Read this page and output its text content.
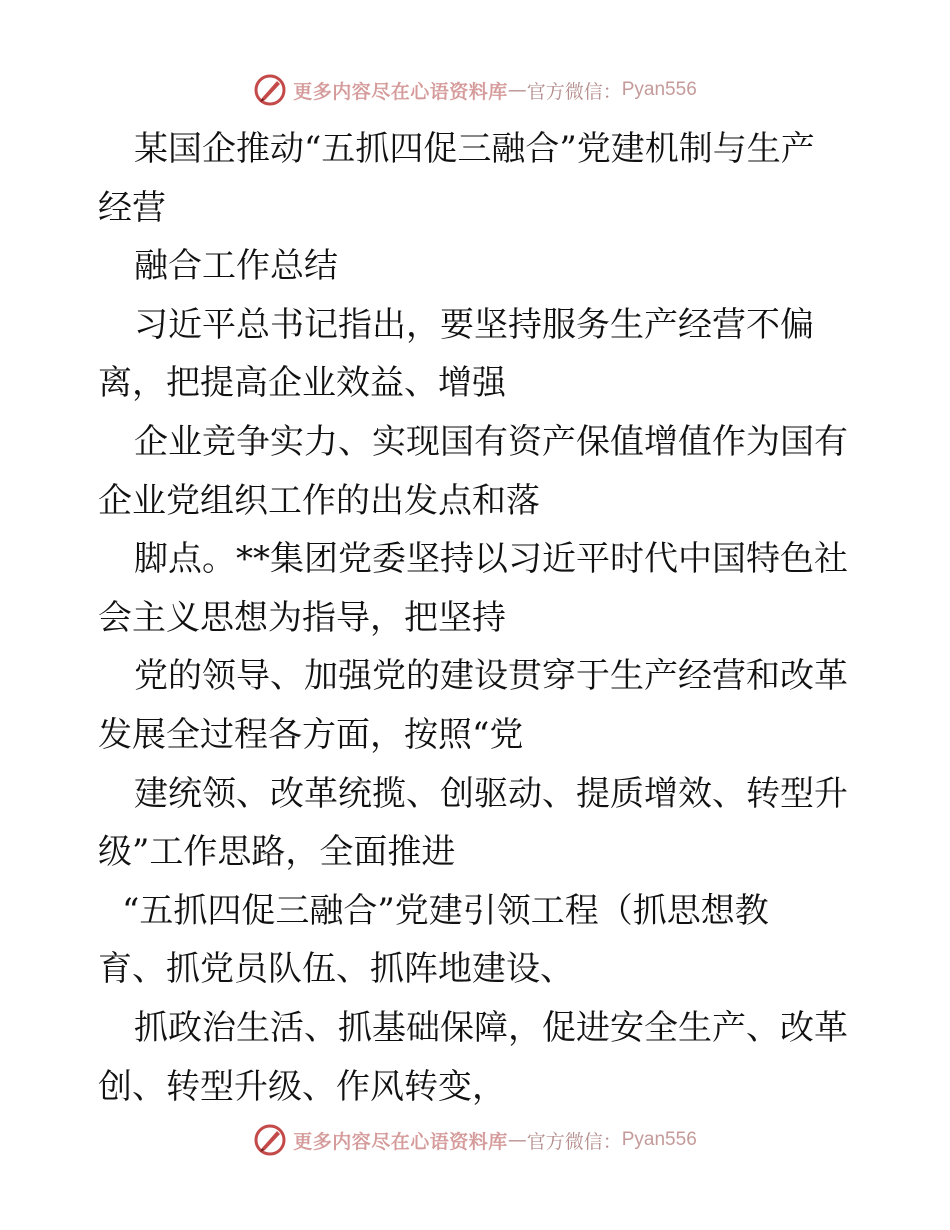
更多内容尽在心语资料库 — 官方微信： Pyan556
某国企推动“五抓四促三融合”党建机制与生产
经营
融合工作总结
习近平总书记指出，要坚持服务生产经营不偏
离，把提高企业效益、增强
企业竞争实力、实现国有资产保值增值作为国有
企业党组织工作的出发点和落
脚点。**集团党委坚持以习近平时代中国特色社
会主义思想为指导，把坚持
党的领导、加强党的建设贯穿于生产经营和改革
发展全过程各方面，按照“党
建统领、改革统揽、创驱动、提质增效、转型升
级”工作思路，全面推进
“五抓四促三融合”党建引领工程（抓思想教
育、抓党员队伍、抓阵地建设、
抓政治生活、抓基础保障，促进安全生产、改革
创、转型升级、作风转变，
更多内容尽在心语资料库 — 官方微信： Pyan556
